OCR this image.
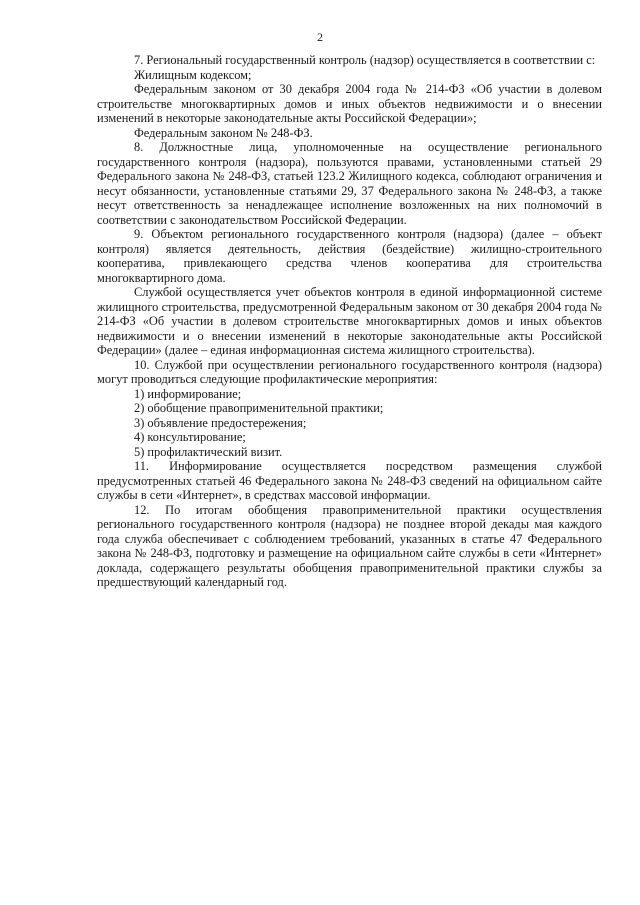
2

7. Региональный государственный контроль (надзор) осуществляется в соответствии с:

Жилищным кодексом;

Федеральным законом от 30 декабря 2004 года № 214-ФЗ «Об участии в долевом строительстве многоквартирных домов и иных объектов недвижимости и о внесении изменений в некоторые законодательные акты Российской Федерации»;

Федеральным законом № 248-ФЗ.

8. Должностные лица, уполномоченные на осуществление регионального государственного контроля (надзора), пользуются правами, установленными статьей 29 Федерального закона № 248-ФЗ, статьей 123.2 Жилищного кодекса, соблюдают ограничения и несут обязанности, установленные статьями 29, 37 Федерального закона № 248-ФЗ, а также несут ответственность за ненадлежащее исполнение возложенных на них полномочий в соответствии с законодательством Российской Федерации.

9. Объектом регионального государственного контроля (надзора) (далее – объект контроля) является деятельность, действия (бездействие) жилищно-строительного кооператива, привлекающего средства членов кооператива для строительства многоквартирного дома.

Службой осуществляется учет объектов контроля в единой информационной системе жилищного строительства, предусмотренной Федеральным законом от 30 декабря 2004 года № 214-ФЗ «Об участии в долевом строительстве многоквартирных домов и иных объектов недвижимости и о внесении изменений в некоторые законодательные акты Российской Федерации» (далее – единая информационная система жилищного строительства).

10. Службой при осуществлении регионального государственного контроля (надзора) могут проводиться следующие профилактические мероприятия:

1) информирование;

2) обобщение правоприменительной практики;

3) объявление предостережения;

4) консультирование;

5) профилактический визит.

11. Информирование осуществляется посредством размещения службой предусмотренных статьей 46 Федерального закона № 248-ФЗ сведений на официальном сайте службы в сети «Интернет», в средствах массовой информации.

12. По итогам обобщения правоприменительной практики осуществления регионального государственного контроля (надзора) не позднее второй декады мая каждого года служба обеспечивает с соблюдением требований, указанных в статье 47 Федерального закона № 248-ФЗ, подготовку и размещение на официальном сайте службы в сети «Интернет» доклада, содержащего результаты обобщения правоприменительной практики службы за предшествующий календарный год.
